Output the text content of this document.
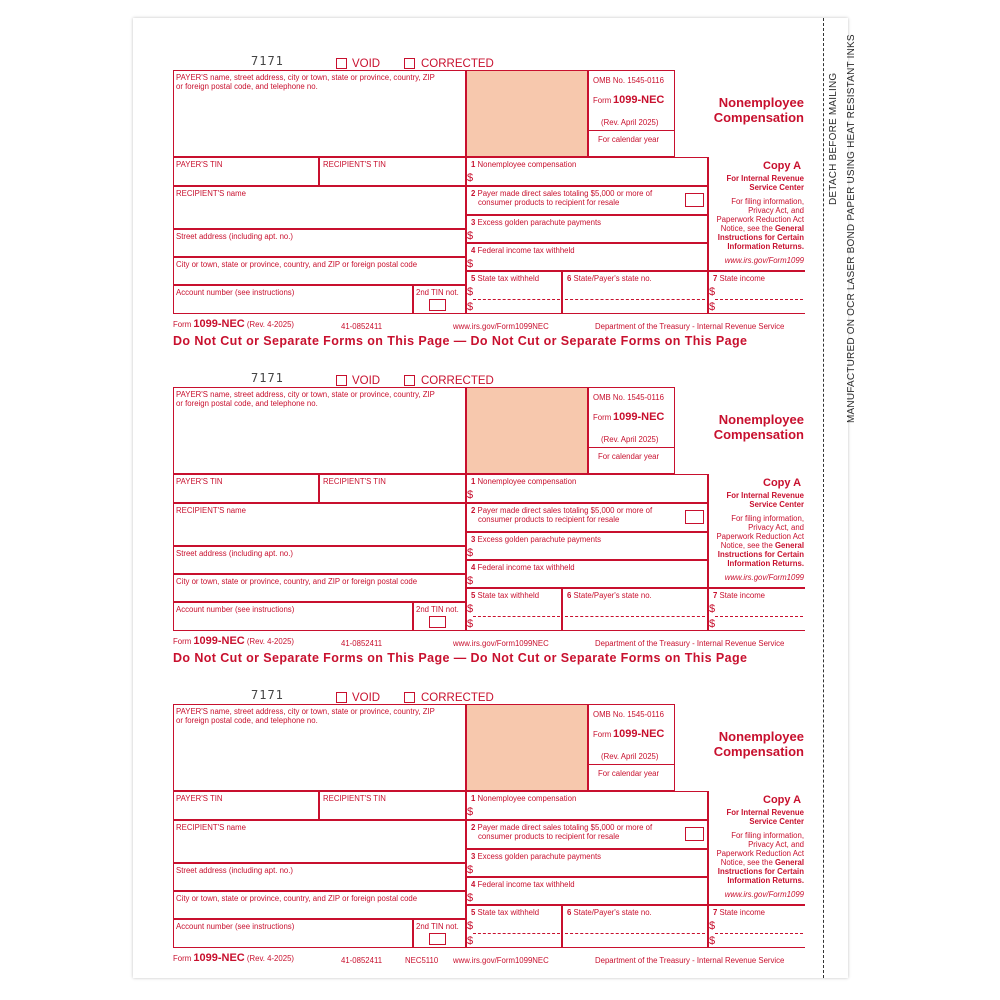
DETACH BEFORE MAILING MANUFACTURED ON OCR LASER BOND PAPER USING HEAT RESISTANT INKS
7171	VOID	CORRECTED
PAYER'S name, street address, city or town, state or province, country, ZIP
or foreign postal code, and telephone no.
OMB No. 1545-0116
Form 1099-NEC
(Rev. April 2025)
For calendar year
Nonemployee
Compensation
PAYER'S TIN	RECIPIENT'S TIN
RECIPIENT'S name
Street address (including apt. no.)
City or town, state or province, country, and ZIP or foreign postal code
Account number (see instructions)	2nd TIN not.
1 Nonemployee compensation
$
2 Payer made direct sales totaling $5,000 or more of
consumer products to recipient for resale
3 Excess golden parachute payments
$
4 Federal income tax withheld
$
5 State tax withheld
$
$
6 State/Payer's state no.
Copy A
For Internal Revenue
Service Center
For filing information,
Privacy Act, and
Paperwork Reduction Act
Notice, see the General
Instructions for Certain
Information Returns.
www.irs.gov/Form1099
7 State income
$
$
Form 1099-NEC (Rev. 4-2025)	41-0852411	www.irs.gov/Form1099NEC	Department of the Treasury - Internal Revenue Service
Do Not Cut or Separate Forms on This Page — Do Not Cut or Separate Forms on This Page
7171	VOID	CORRECTED
PAYER'S name, street address, city or town, state or province, country, ZIP
or foreign postal code, and telephone no.
OMB No. 1545-0116
Form 1099-NEC
(Rev. April 2025)
For calendar year
Nonemployee
Compensation
PAYER'S TIN	RECIPIENT'S TIN
RECIPIENT'S name
Street address (including apt. no.)
City or town, state or province, country, and ZIP or foreign postal code
Account number (see instructions)	2nd TIN not.
1 Nonemployee compensation
$
2 Payer made direct sales totaling $5,000 or more of
consumer products to recipient for resale
3 Excess golden parachute payments
$
4 Federal income tax withheld
$
5 State tax withheld
$
$
6 State/Payer's state no.
Copy A
For Internal Revenue
Service Center
For filing information,
Privacy Act, and
Paperwork Reduction Act
Notice, see the General
Instructions for Certain
Information Returns.
www.irs.gov/Form1099
7 State income
$
$
Form 1099-NEC (Rev. 4-2025)	41-0852411	www.irs.gov/Form1099NEC	Department of the Treasury - Internal Revenue Service
Do Not Cut or Separate Forms on This Page — Do Not Cut or Separate Forms on This Page
7171	VOID	CORRECTED
PAYER'S name, street address, city or town, state or province, country, ZIP
or foreign postal code, and telephone no.
OMB No. 1545-0116
Form 1099-NEC
(Rev. April 2025)
For calendar year
Nonemployee
Compensation
PAYER'S TIN	RECIPIENT'S TIN
RECIPIENT'S name
Street address (including apt. no.)
City or town, state or province, country, and ZIP or foreign postal code
Account number (see instructions)	2nd TIN not.
1 Nonemployee compensation
$
2 Payer made direct sales totaling $5,000 or more of
consumer products to recipient for resale
3 Excess golden parachute payments
$
4 Federal income tax withheld
$
5 State tax withheld
$
$
6 State/Payer's state no.
Copy A
For Internal Revenue
Service Center
For filing information,
Privacy Act, and
Paperwork Reduction Act
Notice, see the General
Instructions for Certain
Information Returns.
www.irs.gov/Form1099
7 State income
$
$
Form 1099-NEC (Rev. 4-2025)	41-0852411	NEC5110 www.irs.gov/Form1099NEC	Department of the Treasury - Internal Revenue Service
